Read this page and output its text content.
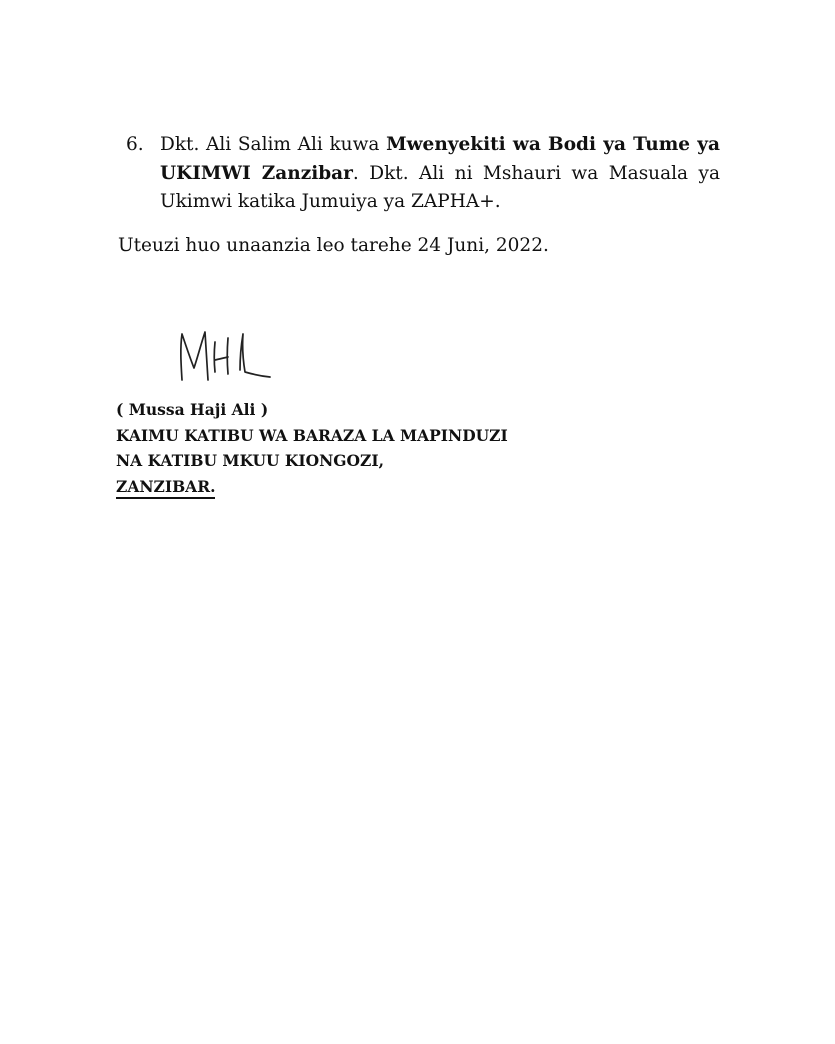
6. Dkt. Ali Salim Ali kuwa Mwenyekiti wa Bodi ya Tume ya UKIMWI Zanzibar. Dkt. Ali ni Mshauri wa Masuala ya Ukimwi katika Jumuiya ya ZAPHA+.
Uteuzi huo unaanzia leo tarehe 24 Juni, 2022.
( Mussa Haji Ali )
KAIMU KATIBU WA BARAZA LA MAPINDUZI
NA KATIBU MKUU KIONGOZI,
ZANZIBAR.
